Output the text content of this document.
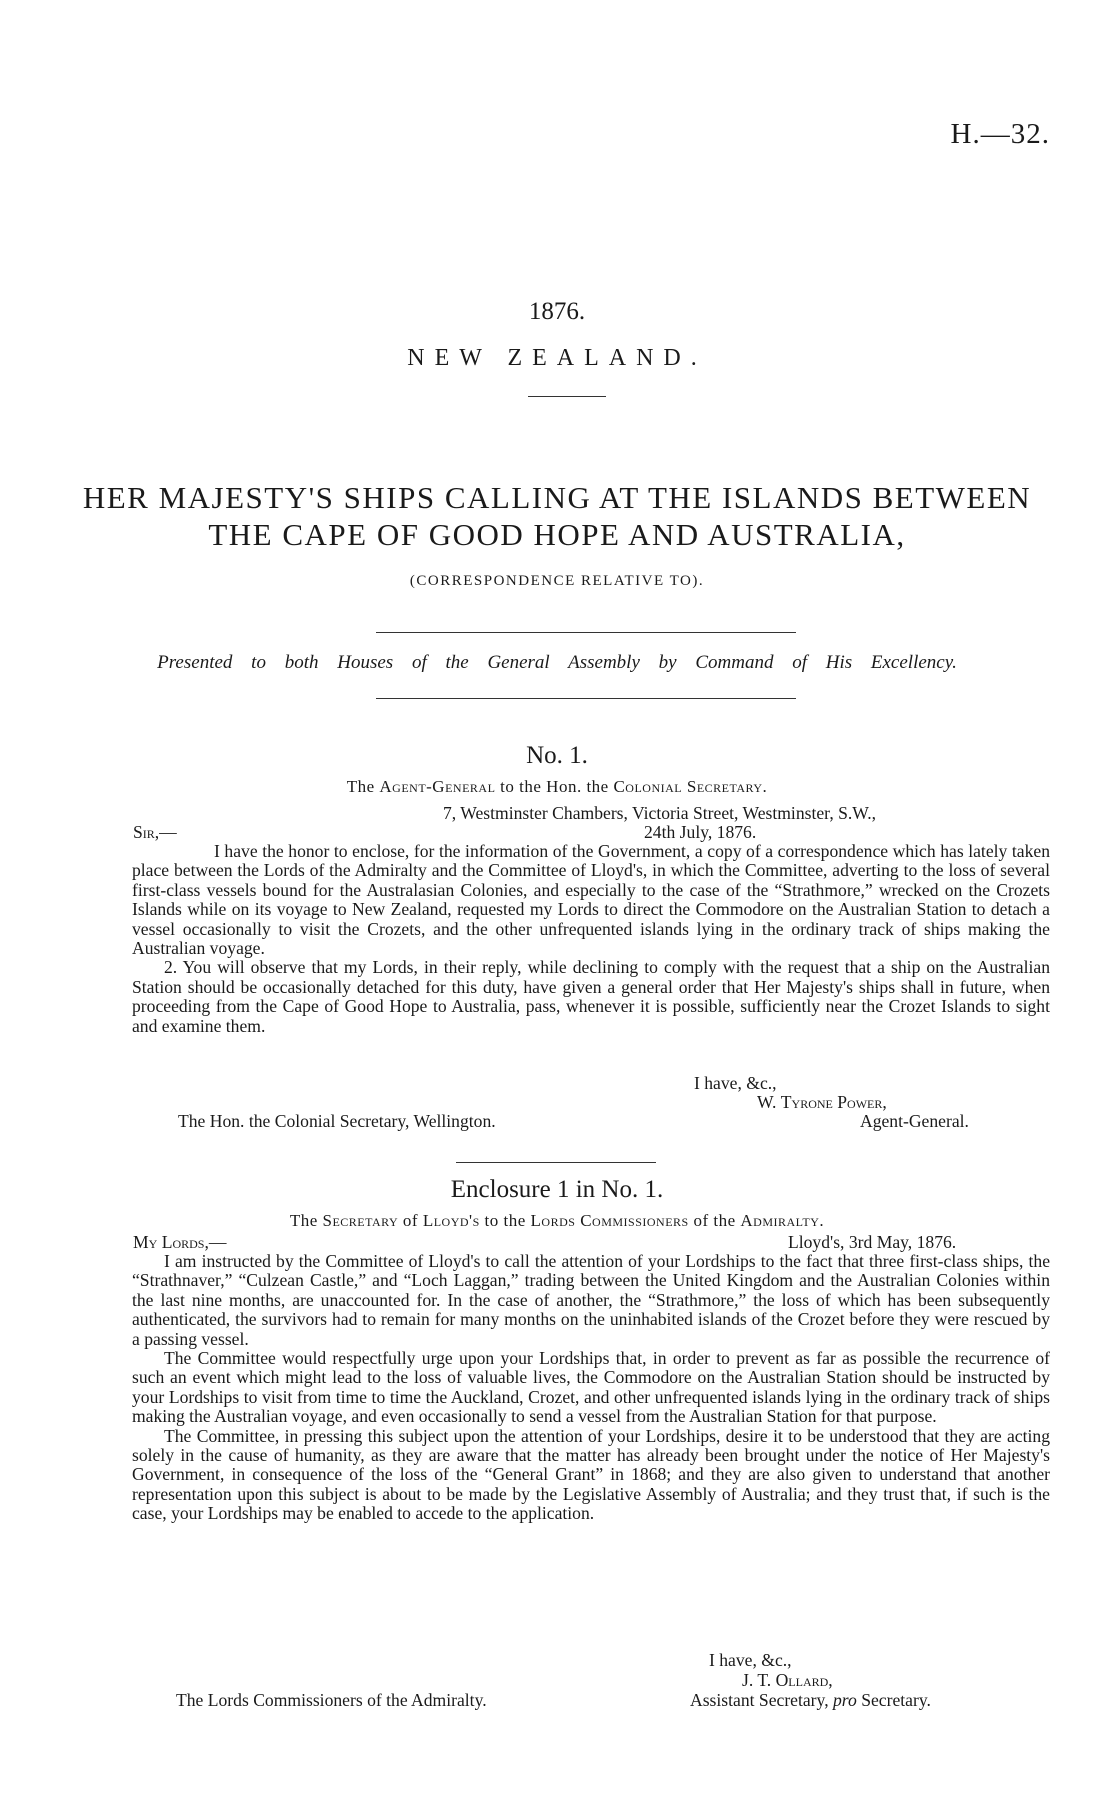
H.—32.
1876.
NEW ZEALAND.
HER MAJESTY'S SHIPS CALLING AT THE ISLANDS BETWEEN
THE CAPE OF GOOD HOPE AND AUSTRALIA,
(CORRESPONDENCE RELATIVE TO).
Presented to both Houses of the General Assembly by Command of His Excellency.
No. 1.
The Agent-General to the Hon. the Colonial Secretary.
7, Westminster Chambers, Victoria Street, Westminster, S.W.,
Sir,—	24th July, 1876.

I have the honor to enclose, for the information of the Government, a copy of a correspondence which has lately taken place between the Lords of the Admiralty and the Committee of Lloyd's, in which the Committee, adverting to the loss of several first-class vessels bound for the Australasian Colonies, and especially to the case of the “Strathmore,” wrecked on the Crozets Islands while on its voyage to New Zealand, requested my Lords to direct the Commodore on the Australian Station to detach a vessel occasionally to visit the Crozets, and the other unfrequented islands lying in the ordinary track of ships making the Australian voyage.

2. You will observe that my Lords, in their reply, while declining to comply with the request that a ship on the Australian Station should be occasionally detached for this duty, have given a general order that Her Majesty's ships shall in future, when proceeding from the Cape of Good Hope to Australia, pass, whenever it is possible, sufficiently near the Crozet Islands to sight and examine them.

I have, &c.,
W. Tyrone Power,
The Hon. the Colonial Secretary, Wellington.	Agent-General.
Enclosure 1 in No. 1.
The Secretary of Lloyd's to the Lords Commissioners of the Admiralty.
My Lords,—	Lloyd's, 3rd May, 1876.

I am instructed by the Committee of Lloyd's to call the attention of your Lordships to the fact that three first-class ships, the “Strathnaver,” “Culzean Castle,” and “Loch Laggan,” trading between the United Kingdom and the Australian Colonies within the last nine months, are unaccounted for. In the case of another, the “Strathmore,” the loss of which has been subsequently authenticated, the survivors had to remain for many months on the uninhabited islands of the Crozet before they were rescued by a passing vessel.

The Committee would respectfully urge upon your Lordships that, in order to prevent as far as possible the recurrence of such an event which might lead to the loss of valuable lives, the Commodore on the Australian Station should be instructed by your Lordships to visit from time to time the Auckland, Crozet, and other unfrequented islands lying in the ordinary track of ships making the Australian voyage, and even occasionally to send a vessel from the Australian Station for that purpose.

The Committee, in pressing this subject upon the attention of your Lordships, desire it to be understood that they are acting solely in the cause of humanity, as they are aware that the matter has already been brought under the notice of Her Majesty's Government, in consequence of the loss of the “General Grant” in 1868; and they are also given to understand that another representation upon this subject is about to be made by the Legislative Assembly of Australia; and they trust that, if such is the case, your Lordships may be enabled to accede to the application.

I have, &c.,
J. T. Ollard,
The Lords Commissioners of the Admiralty.	Assistant Secretary, pro Secretary.
